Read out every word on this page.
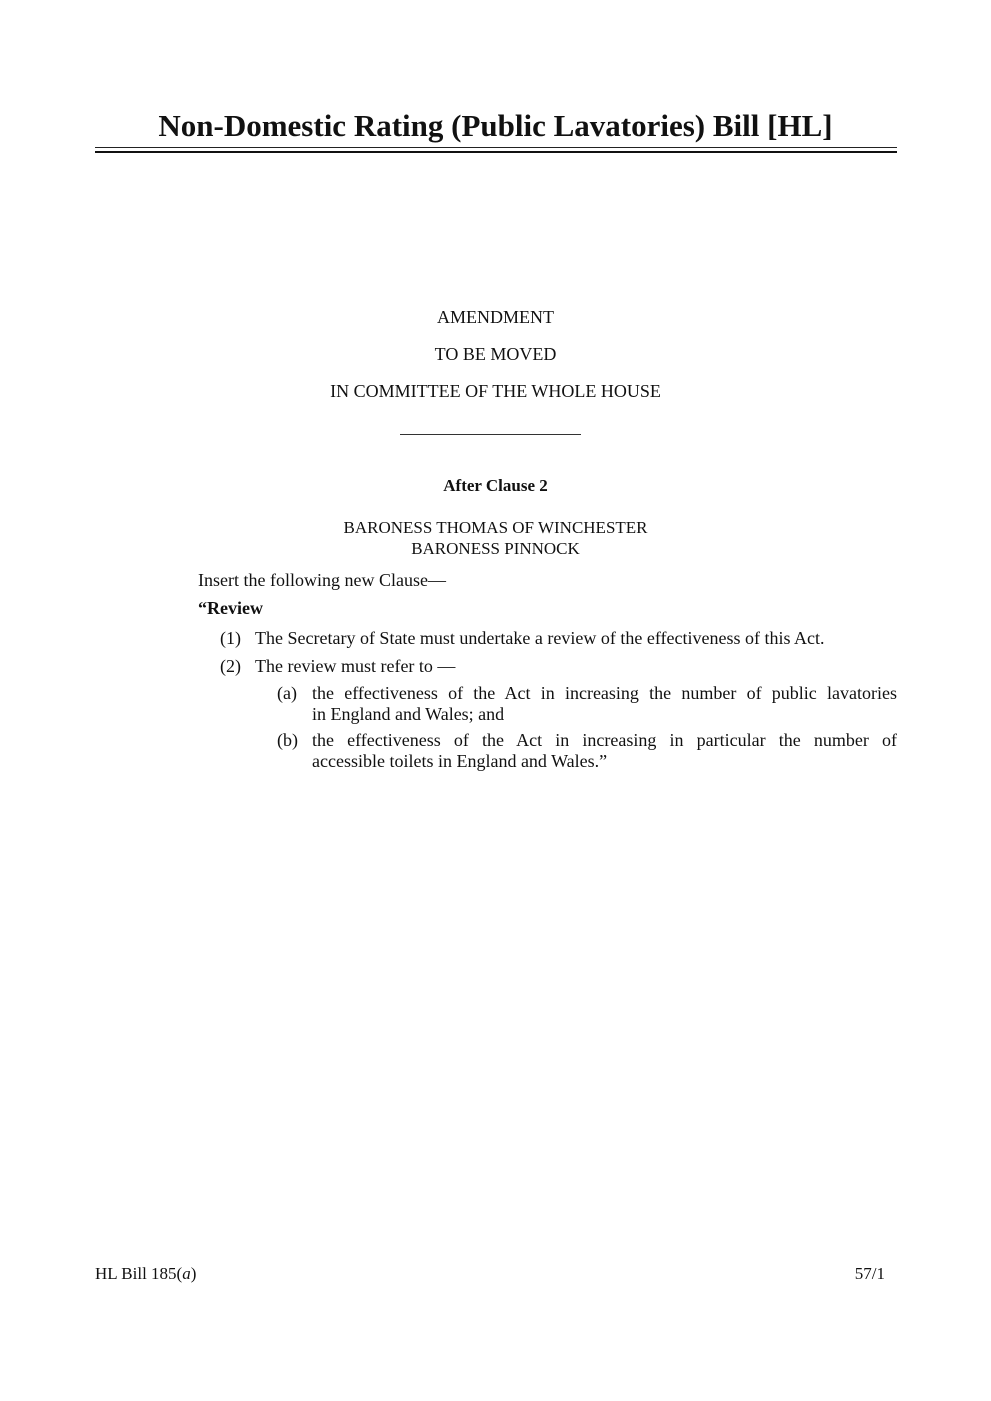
Non-Domestic Rating (Public Lavatories) Bill [HL]
AMENDMENT
TO BE MOVED
IN COMMITTEE OF THE WHOLE HOUSE
After Clause 2
BARONESS THOMAS OF WINCHESTER
BARONESS PINNOCK
Insert the following new Clause—
“Review
(1) The Secretary of State must undertake a review of the effectiveness of this Act.
(2) The review must refer to —
(a) the effectiveness of the Act in increasing the number of public lavatories
in England and Wales; and
(b) the effectiveness of the Act in increasing in particular the number of
accessible toilets in England and Wales.”
HL Bill 185(a)	57/1
